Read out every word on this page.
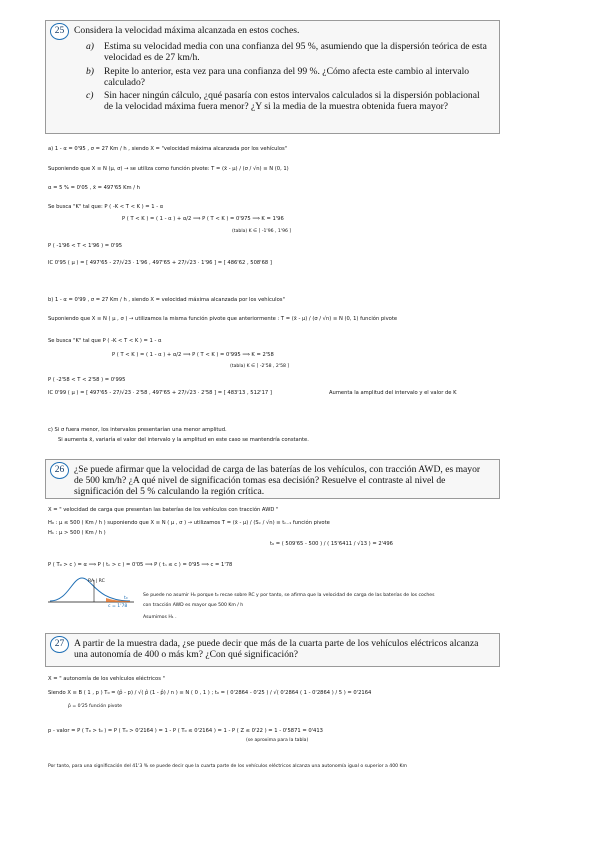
25	Considera la velocidad máxima alcanzada en estos coches.

a) Estima su velocidad media con una confianza del 95 %, asumiendo que la dispersión teórica de esta velocidad es de 27 km/h.
b) Repite lo anterior, esta vez para una confianza del 99 %. ¿Cómo afecta este cambio al intervalo calculado?
c) Sin hacer ningún cálculo, ¿qué pasaría con estos intervalos calculados si la dispersión poblacional de la velocidad máxima fuera menor? ¿Y si la media de la muestra obtenida fuera mayor?
a) 1 - α = 0'95 , σ = 27 Km / h , siendo X = "velocidad máxima alcanzada por los vehículos"
Suponiendo que X ≡ N (μ, σ) → se utiliza como función pivote: T = (x̄ - μ) / (σ / √n) ≡ N (0, 1)
α = 5 % = 0'05 , x̄ = 497'65 Km / h
Se busca "K" tal que: P ( -K < T < K ) = 1 - α
P ( T < K ) = ( 1 - α ) + α/2 ⟹ P ( T < K ) = 0'975 ⟹ K = 1'96
(tabla) K ∈ [ -1'96 , 1'96 ]
P ( -1'96 < T < 1'96 ) = 0'95
IC 0'95 ( μ ) = [ 497'65 - 27/√23 · 1'96 , 497'65 + 27/√23 · 1'96 ] = [ 486'62 , 508'68 ]
b) 1 - α = 0'99 , σ = 27 Km / h , siendo X = velocidad máxima alcanzada por los vehículos"
Suponiendo que X ≡ N ( μ , σ ) → utilizamos la misma función pivote que anteriormente : T = (x̄ - μ) / (σ / √n) ≡ N (0, 1) función pivote
Se busca "K" tal que P ( -K < T < K ) = 1 - α
P ( T < K ) = ( 1 - α ) + α/2 ⟹ P ( T < K ) = 0'995 ⟹ K = 2'58
(tabla) K ∈ [ -2'58 , 2'58 ]
P ( -2'58 < T < 2'58 ) = 0'995
IC 0'99 ( μ ) = [ 497'65 - 27/√23 · 2'58 , 497'65 + 27/√23 · 2'58 ] = [ 483'13 , 512'17 ]	Aumenta la amplitud del intervalo y el valor de K
c) Si σ fuera menor, los intervalos presentarían una menor amplitud.
Si aumenta x̄, variaría el valor del intervalo y la amplitud en este caso se mantendría constante.
26	¿Se puede afirmar que la velocidad de carga de las baterías de los vehículos, con tracción AWD, es mayor de 500 km/h? ¿A qué nivel de significación tomas esa decisión? Resuelve el contraste al nivel de significación del 5 % calculando la región crítica.

X = " velocidad de carga que presentan las baterías de los vehículos con tracción AWD "
H₀ : μ ≤ 500 ( Km / h ) suponiendo que X ≡ N ( μ , σ ) → utilizamos T = (x̄ - μ) / (Sₓ / √n) ≡ tₙ₋₁ función pivote
H₁ : μ > 500 ( Km / h )
t₀ = ( 509'65 - 500 ) / ( 15'6411 / √13 ) = 2'496
P ( T₀ > c ) = α ⟹ P ( tₙ > c ) = 0'05 ⟹ P ( tₙ ≤ c ) = 0'95 ⟹ c = 1'78
Se puede no asumir H₀ porque t₀ recae sobre RC y por tanto, se afirma que la velocidad de carga de las baterías de los coches
con tracción AWD es mayor que 500 Km / h
Asumimos H₁ .
RA | RC
c = 1'78
t₀
27	A partir de la muestra dada, ¿se puede decir que más de la cuarta parte de los vehículos eléctricos alcanza una autonomía de 400 o más km? ¿Con qué significación?

X = " autonomía de los vehículos eléctricos "
Siendo X ≡ B ( 1 , p ) T₀ = (p̂ - p) / √( p̂ (1 - p̂) / n ) ≡ N ( 0 , 1 ) ; t₀ = ( 0'2864 - 0'25 ) / √( 0'2864 ( 1 - 0'2864 ) / 5 ) = 0'2164
p̂ = 0'25 función pivote
p - valor = P ( T₀ > t₀ ) = P ( T₀ > 0'2164 ) = 1 - P ( T₀ ≤ 0'2164 ) = 1 - P ( Z ≤ 0'22 ) = 1 - 0'5871 = 0'413
(se aproxima para la tabla)
Por tanto, para una significación del 41'3 % se puede decir que la cuarta parte de los vehículos eléctricos alcanza una autonomía igual o superior a 400 Km
